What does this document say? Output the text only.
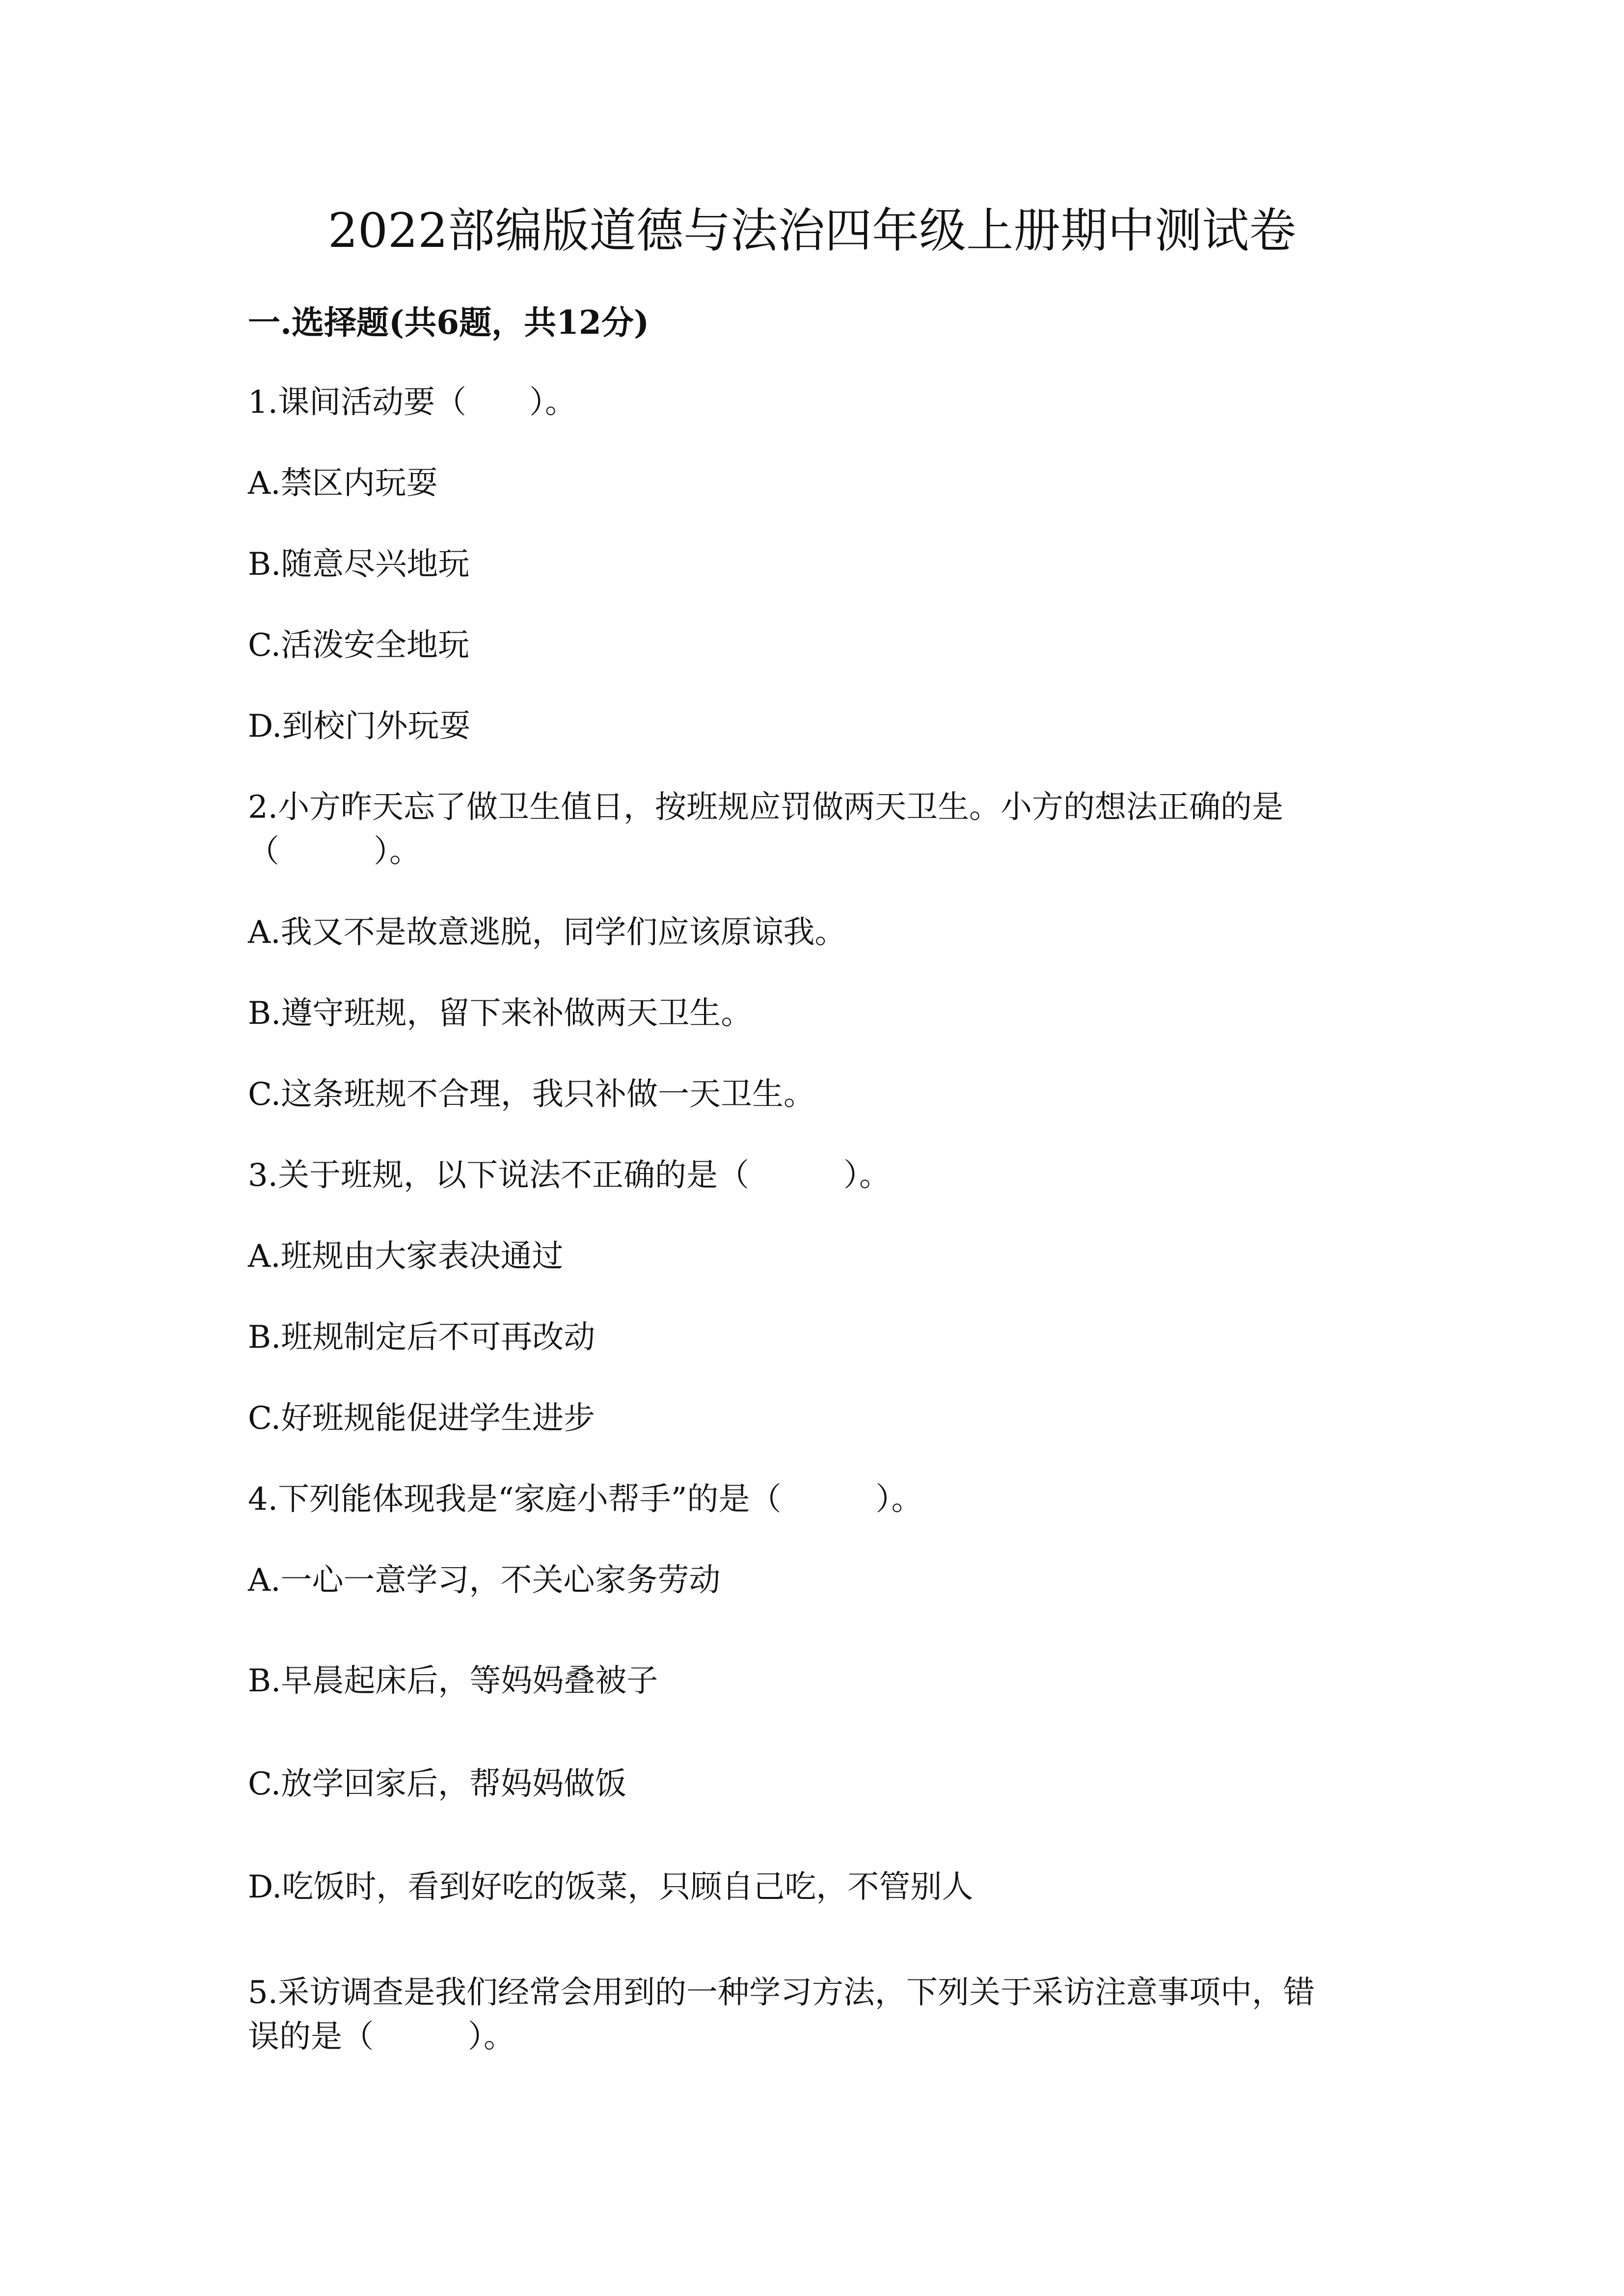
2022部编版道德与法治四年级上册期中测试卷
一.选择题(共6题，共12分)
1.课间活动要（　　）。
A.禁区内玩耍
B.随意尽兴地玩
C.活泼安全地玩
D.到校门外玩耍
2.小方昨天忘了做卫生值日，按班规应罚做两天卫生。小方的想法正确的是
（　　　）。
A.我又不是故意逃脱，同学们应该原谅我。
B.遵守班规，留下来补做两天卫生。
C.这条班规不合理，我只补做一天卫生。
3.关于班规，以下说法不正确的是（　　　）。
A.班规由大家表决通过
B.班规制定后不可再改动
C.好班规能促进学生进步
4.下列能体现我是“家庭小帮手”的是（　　　）。
A.一心一意学习，不关心家务劳动
B.早晨起床后，等妈妈叠被子
C.放学回家后，帮妈妈做饭
D.吃饭时，看到好吃的饭菜，只顾自己吃，不管别人
5.采访调查是我们经常会用到的一种学习方法，下列关于采访注意事项中，错
误的是（　　　）。
